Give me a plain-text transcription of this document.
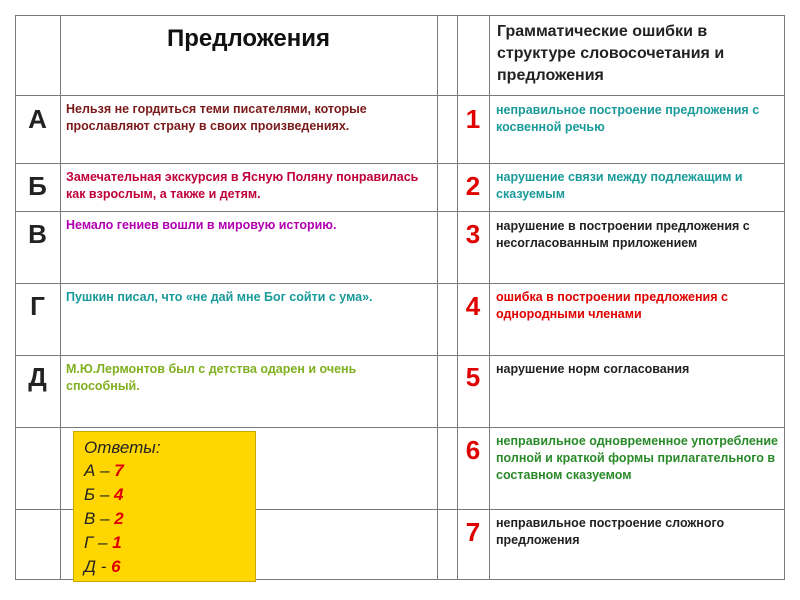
Предложения	Грамматические ошибки в структуре словосочетания и предложения
А	Нельзя не гордиться теми писателями, которые прославляют страну в своих произведениях.	1	неправильное построение предложения с косвенной речью
Б	Замечательная экскурсия в Ясную Поляну понравилась как взрослым, а также и детям.	2	нарушение связи между подлежащим и сказуемым
В	Немало гениев вошли в мировую историю.	3	нарушение в построении предложения с несогласованным приложением
Г	Пушкин писал, что «не дай мне Бог сойти с ума».	4	ошибка в построении предложения с однородными членами
Д	М.Ю.Лермонтов был с детства одарен и очень способный.	5	нарушение норм согласования
6	неправильное одновременное употребление полной и краткой формы прилагательного в составном сказуемом
7	неправильное построение сложного предложения
Ответы:
А – 7
Б – 4
В – 2
Г – 1
Д - 6
